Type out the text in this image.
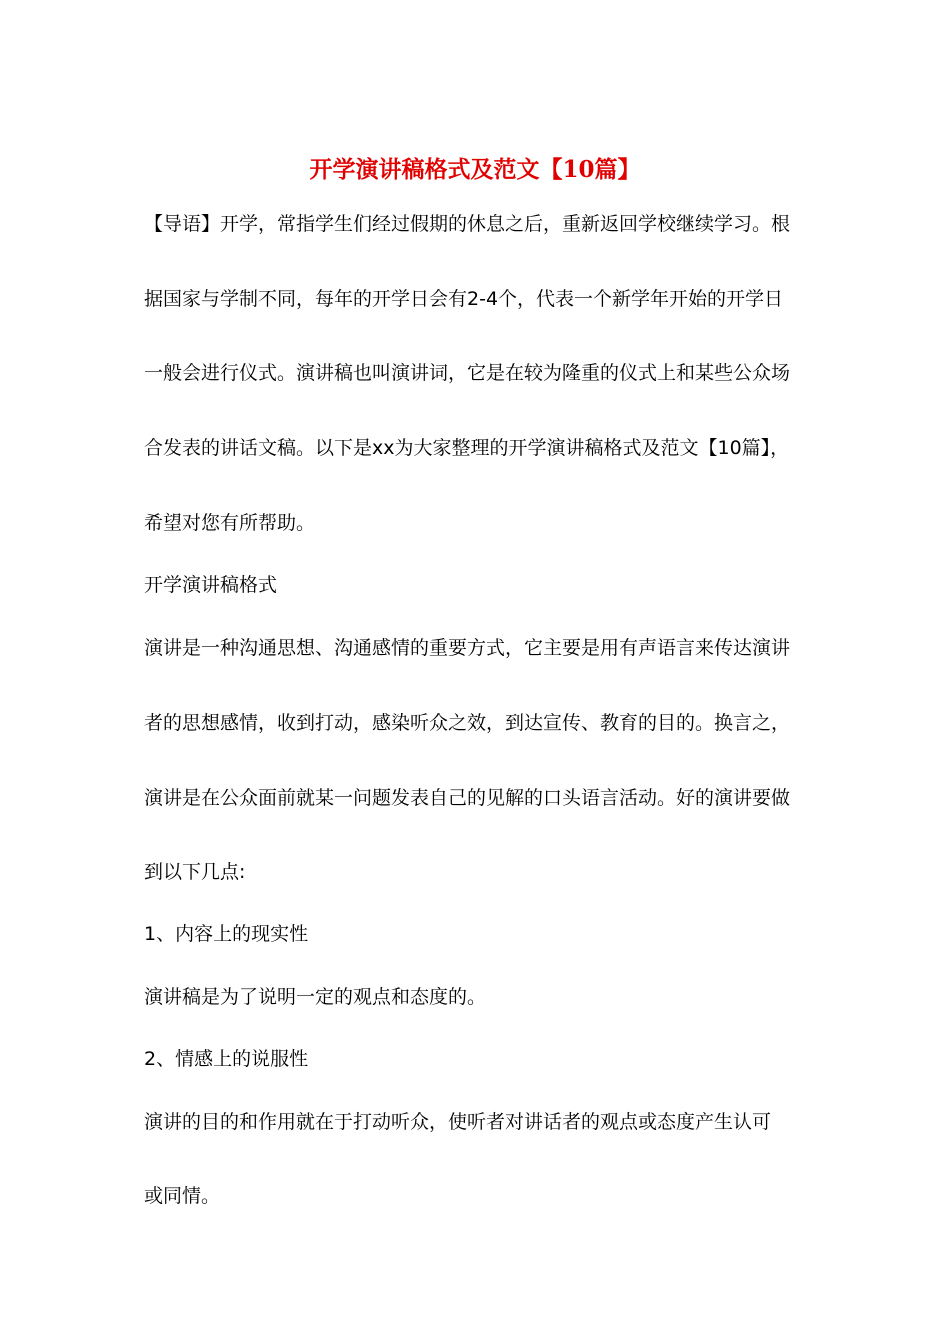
开学演讲稿格式及范文【10篇】
【导语】开学，常指学生们经过假期的休息之后，重新返回学校继续学习。根
据国家与学制不同，每年的开学日会有2-4个，代表一个新学年开始的开学日
一般会进行仪式。演讲稿也叫演讲词，它是在较为隆重的仪式上和某些公众场
合发表的讲话文稿。以下是xx为大家整理的开学演讲稿格式及范文【10篇】，
希望对您有所帮助。
开学演讲稿格式
演讲是一种沟通思想、沟通感情的重要方式，它主要是用有声语言来传达演讲
者的思想感情，收到打动，感染听众之效，到达宣传、教育的目的。换言之，
演讲是在公众面前就某一问题发表自己的见解的口头语言活动。好的演讲要做
到以下几点:
1、内容上的现实性
演讲稿是为了说明一定的观点和态度的。
2、情感上的说服性
演讲的目的和作用就在于打动听众，使听者对讲话者的观点或态度产生认可
或同情。
